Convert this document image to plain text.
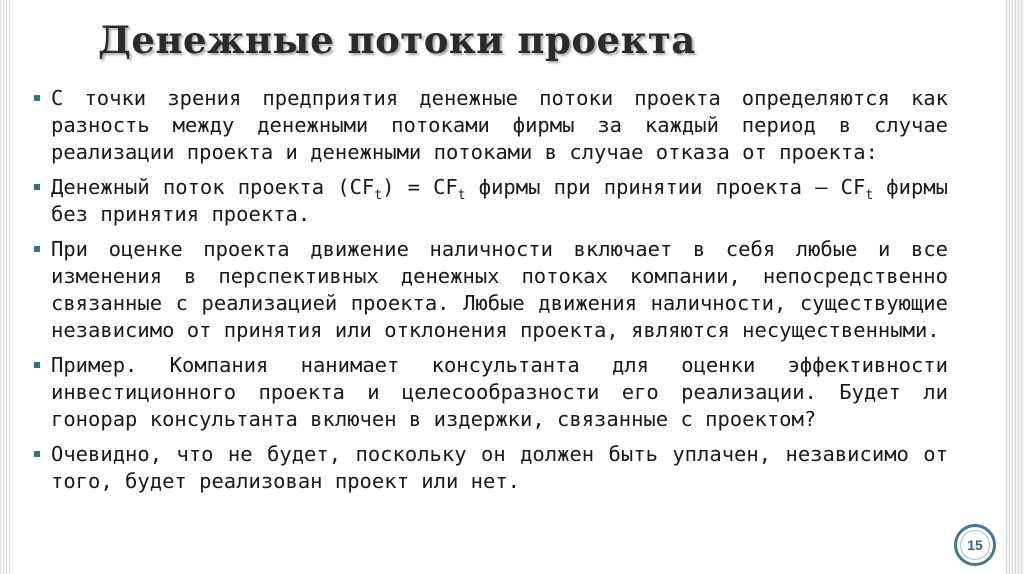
Денежные потоки проекта
С точки зрения предприятия денежные потоки проекта определяются как разность между денежными потоками фирмы за каждый период в случае реализации проекта и денежными потоками в случае отказа от проекта:
Денежный поток проекта $(CF_t) = CF_t$ фирмы при принятии проекта — $CF_t$ фирмы без принятия проекта.
При оценке проекта движение наличности включает в себя любые и все изменения в перспективных денежных потоках компании, непосредственно связанные с реализацией проекта. Любые движения наличности, существующие независимо от принятия или отклонения проекта, являются несущественными.
Пример. Компания нанимает консультанта для оценки эффективности инвестиционного проекта и целесообразности его реализации. Будет ли гонорар консультанта включен в издержки, связанные с проектом?
Очевидно, что не будет, поскольку он должен быть уплачен, независимо от того, будет реализован проект или нет.
15
